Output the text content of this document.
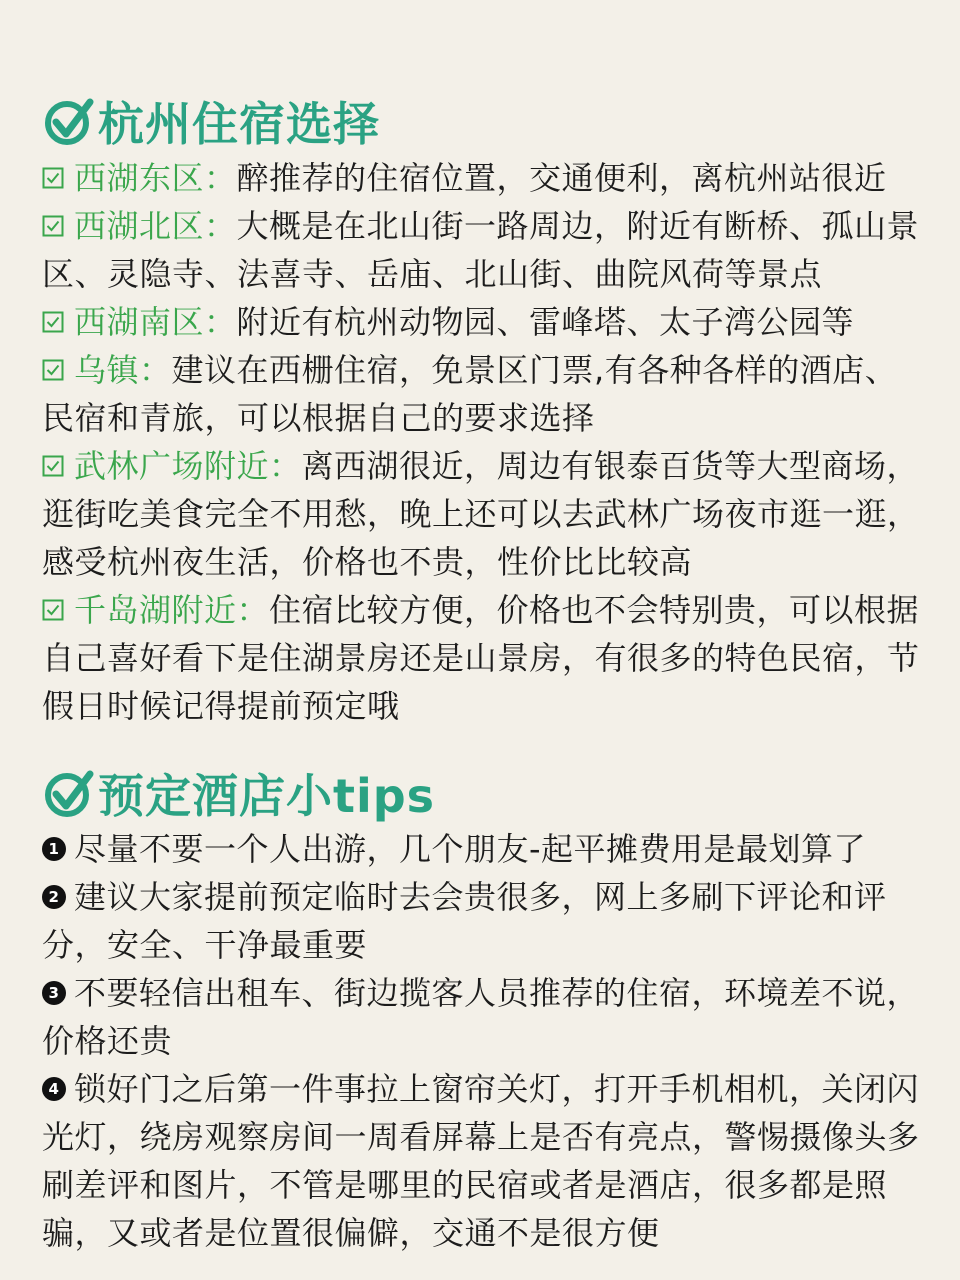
杭州住宿选择
西湖东区：醉推荐的住宿位置，交通便利，离杭州站很近
西湖北区：大概是在北山街一路周边，附近有断桥、孤山景
区、灵隐寺、法喜寺、岳庙、北山街、曲院风荷等景点
西湖南区：附近有杭州动物园、雷峰塔、太子湾公园等
乌镇：建议在西栅住宿，免景区门票,有各种各样的酒店、
民宿和青旅，可以根据自己的要求选择
武林广场附近：离西湖很近，周边有银泰百货等大型商场，
逛街吃美食完全不用愁，晚上还可以去武林广场夜市逛一逛，
感受杭州夜生活，价格也不贵，性价比比较高
千岛湖附近：住宿比较方便，价格也不会特别贵，可以根据
自己喜好看下是住湖景房还是山景房，有很多的特色民宿，节
假日时候记得提前预定哦
预定酒店小tips
1 尽量不要一个人出游，几个朋友-起平摊费用是最划算了
2 建议大家提前预定临时去会贵很多，网上多刷下评论和评
分，安全、干净最重要
3 不要轻信出租车、街边揽客人员推荐的住宿，环境差不说，
价格还贵
4 锁好门之后第一件事拉上窗帘关灯，打开手机相机，关闭闪
光灯，绕房观察房间一周看屏幕上是否有亮点，警惕摄像头多
刷差评和图片，不管是哪里的民宿或者是酒店，很多都是照
骗，又或者是位置很偏僻，交通不是很方便
